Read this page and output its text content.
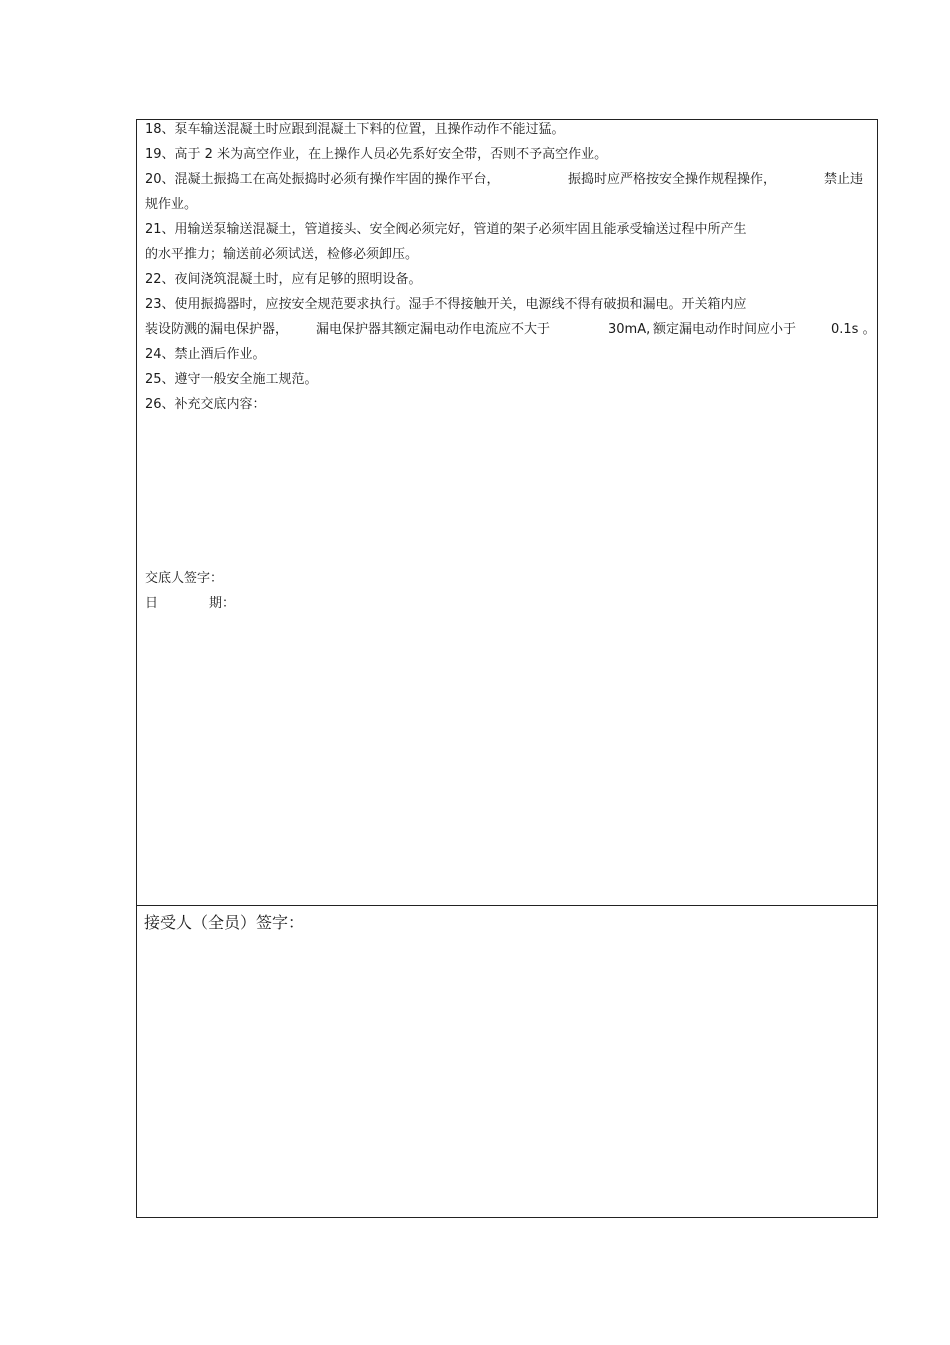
18、泵车输送混凝土时应跟到混凝土下料的位置，且操作动作不能过猛。
19、高于 2 米为高空作业，在上操作人员必先系好安全带，否则不予高空作业。
20、混凝土振捣工在高处振捣时必须有操作牢固的操作平台，	振捣时应严格按安全操作规程操作，	禁止违
规作业。
21、用输送泵输送混凝土，管道接头、安全阀必须完好，管道的架子必须牢固且能承受输送过程中所产生
的水平推力；输送前必须试送，检修必须卸压。
22、夜间浇筑混凝土时，应有足够的照明设备。
23、使用振捣器时，应按安全规范要求执行。湿手不得接触开关，电源线不得有破损和漏电。开关箱内应
装设防溅的漏电保护器， 漏电保护器其额定漏电动作电流应不大于	30mA, 额定漏电动作时间应小于	0.1s 。
24、禁止酒后作业。
25、遵守一般安全施工规范。
26、补充交底内容：
交底人签字：
日	期：
接受人（全员）签字：
